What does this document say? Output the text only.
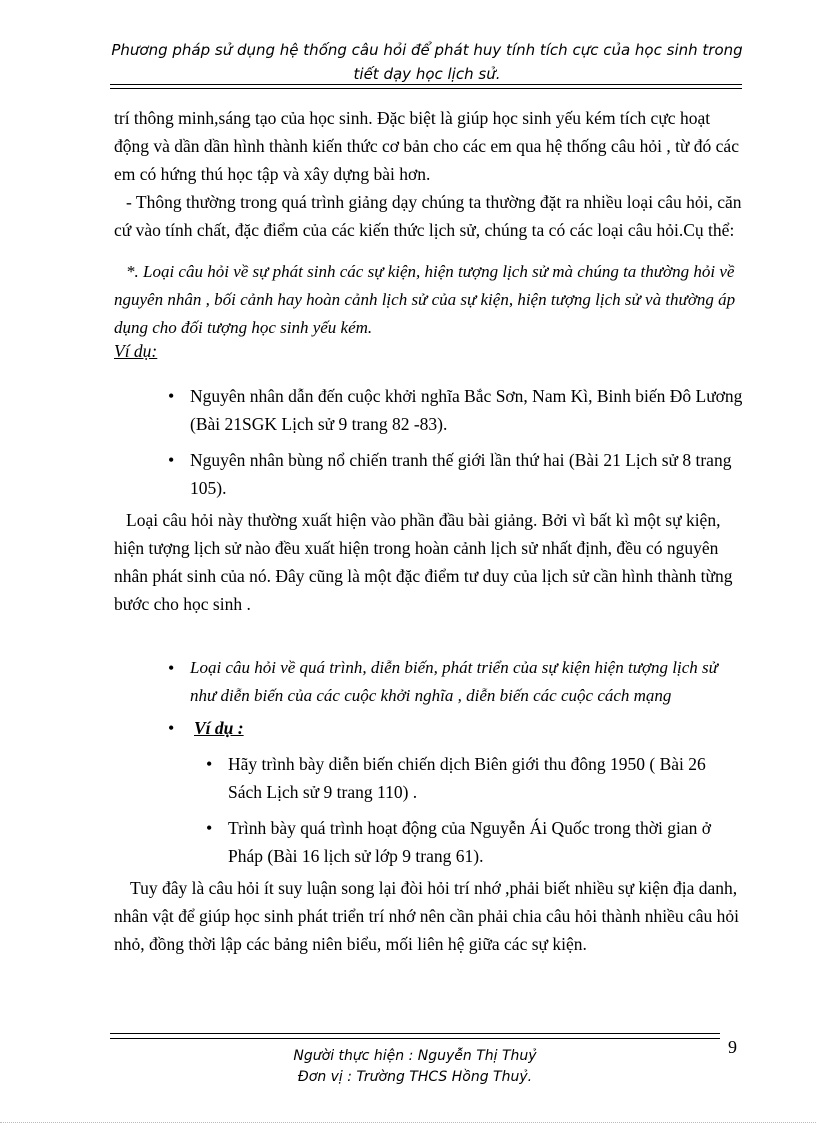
Phương pháp sử dụng hệ thống câu hỏi để phát huy tính tích cực của học sinh trong
tiết dạy học lịch sử.

trí thông minh,sáng tạo của học sinh. Đặc biệt là giúp học sinh yếu kém tích cực hoạt động và dần dần hình thành kiến thức cơ bản cho các em qua hệ thống câu hỏi , từ đó các em có hứng thú học tập và xây dựng bài hơn.

- Thông thường trong quá trình giảng dạy chúng ta thường đặt ra nhiều loại câu hỏi, căn cứ vào tính chất, đặc điểm của các kiến thức lịch sử, chúng ta có các loại câu hỏi.Cụ thể:

*. Loại câu hỏi về sự phát sinh các sự kiện, hiện tượng lịch sử mà chúng ta thường hỏi về nguyên nhân , bối cảnh hay hoàn cảnh lịch sử của sự kiện, hiện tượng lịch sử và thường áp dụng cho đối tượng học sinh yếu kém.

Ví dụ:

• Nguyên nhân dẫn đến cuộc khởi nghĩa Bắc Sơn, Nam Kì, Binh biến Đô Lương (Bài 21SGK Lịch sử 9 trang 82 -83).
• Nguyên nhân bùng nổ chiến tranh thế giới lần thứ hai (Bài 21 Lịch sử 8 trang 105).

Loại câu hỏi này thường xuất hiện vào phần đầu bài giảng. Bởi vì bất kì một sự kiện, hiện tượng lịch sử nào đều xuất hiện trong hoàn cảnh lịch sử nhất định, đều có nguyên nhân phát sinh của nó. Đây cũng là một đặc điểm tư duy của lịch sử cần hình thành từng bước cho học sinh .

• Loại câu hỏi về quá trình, diễn biến, phát triển của sự kiện hiện tượng lịch sử như diễn biến của các cuộc khởi nghĩa , diễn biến các cuộc cách mạng
• Ví dụ :
• Hãy trình bày diễn biến chiến dịch Biên giới thu đông 1950 ( Bài 26 Sách Lịch sử 9 trang 110) .
• Trình bày quá trình hoạt động của Nguyễn Ái Quốc trong thời gian ở Pháp (Bài 16 lịch sử lớp 9 trang 61).

Tuy đây là câu hỏi ít suy luận song lại đòi hỏi trí nhớ ,phải biết nhiều sự kiện địa danh, nhân vật để giúp học sinh phát triển trí nhớ nên cần phải chia câu hỏi thành nhiều câu hỏi nhỏ, đồng thời lập các bảng niên biểu, mối liên hệ giữa các sự kiện.

Người thực hiện : Nguyễn Thị Thuỷ
Đơn vị : Trường THCS Hồng Thuỷ.
9
